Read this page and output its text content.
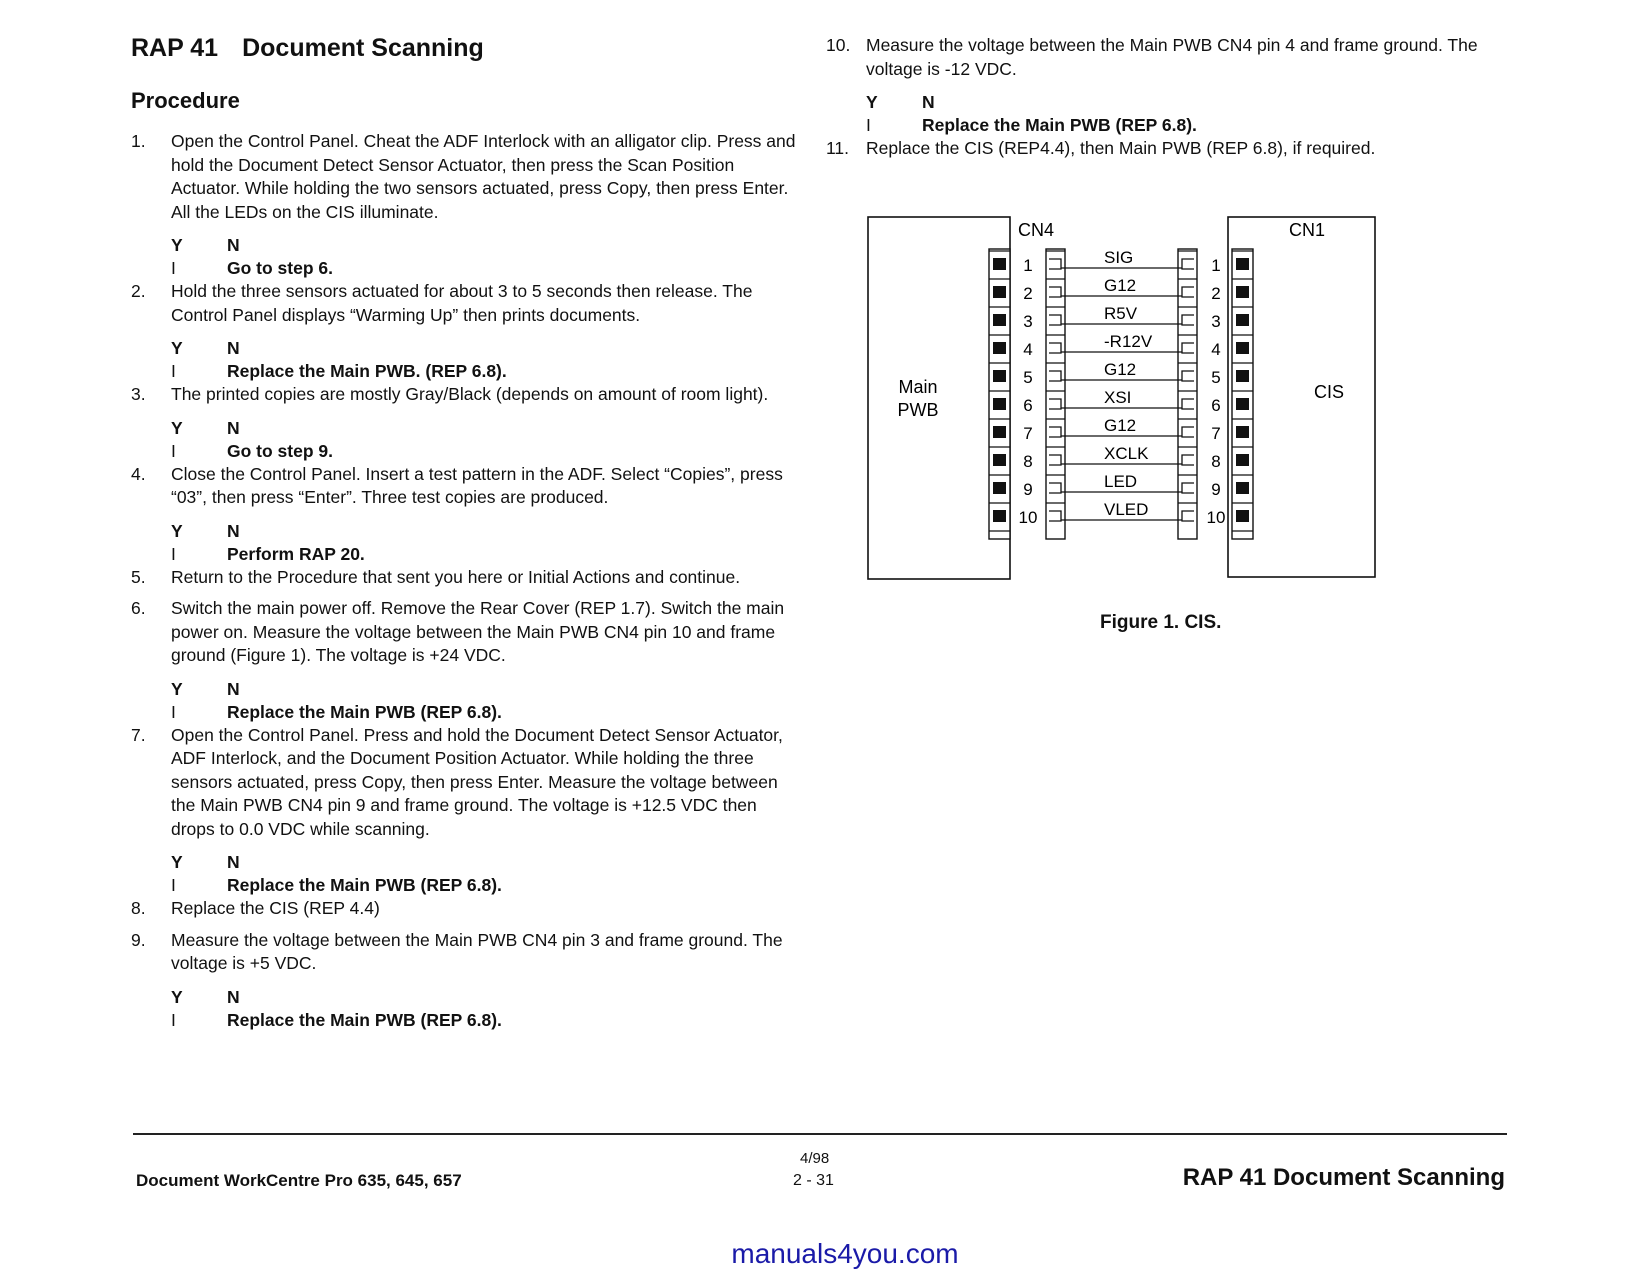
RAP 41 Document Scanning
Procedure
1. Open the Control Panel. Cheat the ADF Interlock with an alligator clip. Press and hold the Document Detect Sensor Actuator, then press the Scan Position Actuator. While holding the two sensors actuated, press Copy, then press Enter. All the LEDs on the CIS illuminate.
Y	N
I	Go to step 6.
2. Hold the three sensors actuated for about 3 to 5 seconds then release. The Control Panel displays “Warming Up” then prints documents.
Y	N
I	Replace the Main PWB. (REP 6.8).
3. The printed copies are mostly Gray/Black (depends on amount of room light).
Y	N
I	Go to step 9.
4. Close the Control Panel. Insert a test pattern in the ADF. Select “Copies”, press “03”, then press “Enter”. Three test copies are produced.
Y	N
I	Perform RAP 20.
5. Return to the Procedure that sent you here or Initial Actions and continue.
6. Switch the main power off. Remove the Rear Cover (REP 1.7). Switch the main power on. Measure the voltage between the Main PWB CN4 pin 10 and frame ground (Figure 1). The voltage is +24 VDC.
Y	N
I	Replace the Main PWB (REP 6.8).
7. Open the Control Panel. Press and hold the Document Detect Sensor Actuator, ADF Interlock, and the Document Position Actuator. While holding the three sensors actuated, press Copy, then press Enter. Measure the voltage between the Main PWB CN4 pin 9 and frame ground. The voltage is +12.5 VDC then drops to 0.0 VDC while scanning.
Y	N
I	Replace the Main PWB (REP 6.8).
8. Replace the CIS (REP 4.4)
9. Measure the voltage between the Main PWB CN4 pin 3 and frame ground. The voltage is +5 VDC.
Y	N
I	Replace the Main PWB (REP 6.8).
10. Measure the voltage between the Main PWB CN4 pin 4 and frame ground. The voltage is -12 VDC.
Y	N
I	Replace the Main PWB (REP 6.8).
11. Replace the CIS (REP4.4), then Main PWB (REP 6.8), if required.
Main
PWB
CIS
CN4	CN1
1	1
SIG
2	2
G12
3	3
R5V
4	4
-R12V
5	5
G12
6	6
XSI
7	7
G12
8	8
XCLK
9	9
LED
10	10
VLED

Figure 1. CIS.

Document WorkCentre Pro 635, 645, 657
4/98
2 - 31	RAP 41 Document Scanning
manuals4you.com
